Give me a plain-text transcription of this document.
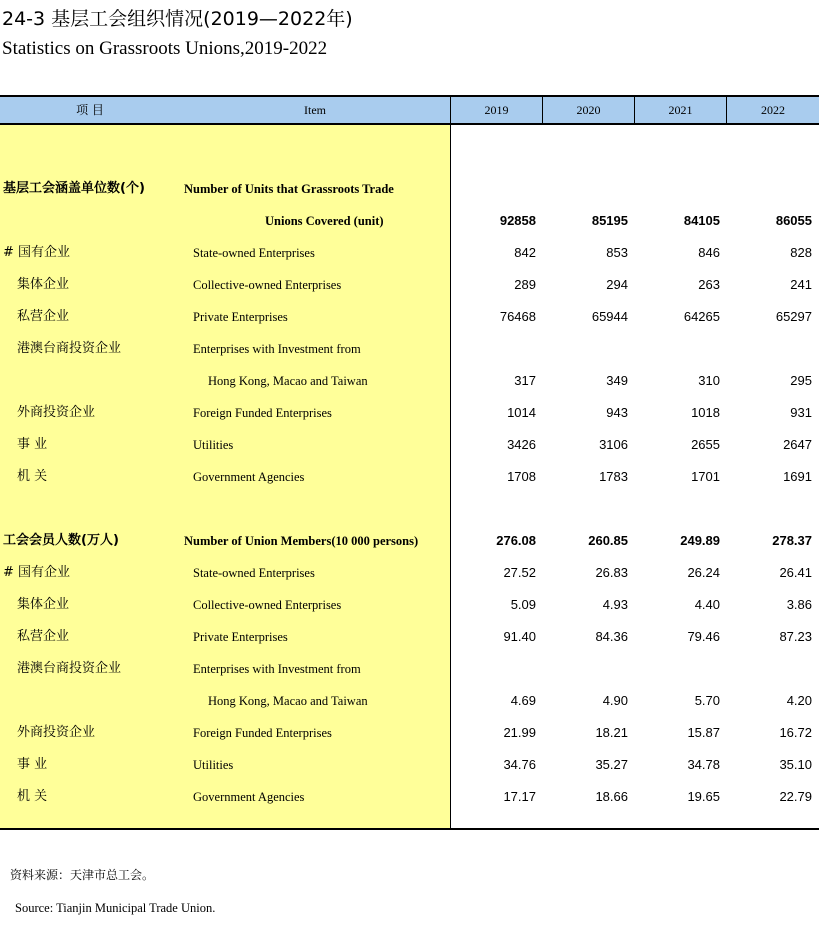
24-3 基层工会组织情况(2019—2022年)
Statistics on Grassroots Unions,2019-2022
项 目	Item	2019	2020	2021	2022
基层工会涵盖单位数(个)	Number of Units that Grassroots Trade
Unions Covered (unit)	92858	85195	84105	86055
# 国有企业	State-owned Enterprises	842	853	846	828
集体企业	Collective-owned Enterprises	289	294	263	241
私营企业	Private Enterprises	76468	65944	64265	65297
港澳台商投资企业	Enterprises with Investment from
Hong Kong, Macao and Taiwan	317	349	310	295
外商投资企业	Foreign Funded Enterprises	1014	943	1018	931
事 业	Utilities	3426	3106	2655	2647
机 关	Government Agencies	1708	1783	1701	1691
工会会员人数(万人)	Number of Union Members(10 000 persons)	276.08	260.85	249.89	278.37
# 国有企业	State-owned Enterprises	27.52	26.83	26.24	26.41
集体企业	Collective-owned Enterprises	5.09	4.93	4.40	3.86
私营企业	Private Enterprises	91.40	84.36	79.46	87.23
港澳台商投资企业	Enterprises with Investment from
Hong Kong, Macao and Taiwan	4.69	4.90	5.70	4.20
外商投资企业	Foreign Funded Enterprises	21.99	18.21	15.87	16.72
事 业	Utilities	34.76	35.27	34.78	35.10
机 关	Government Agencies	17.17	18.66	19.65	22.79
资料来源：天津市总工会。
Source: Tianjin Municipal Trade Union.
